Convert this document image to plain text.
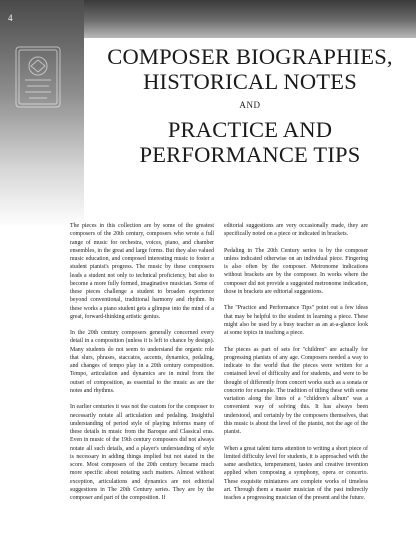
4
COMPOSER BIOGRAPHIES,
HISTORICAL NOTES
AND
PRACTICE AND
PERFORMANCE TIPS

The pieces in this collection are by some of the greatest composers of the 20th century, composers who wrote a full range of music for orchestra, voices, piano, and chamber ensembles, in the great and large forms. But they also valued music education, and composed interesting music to foster a student pianist's progress. The music by these composers leads a student not only to technical proficiency, but also to become a more fully formed, imaginative musician. Some of these pieces challenge a student to broaden experience beyond conventional, traditional harmony and rhythm. In these works a piano student gets a glimpse into the mind of a great, forward-thinking artistic genius.

In the 20th century composers generally concerned every detail in a composition (unless it is left to chance by design). Many students do not seem to understand the organic role that slurs, phrases, staccatos, accents, dynamics, pedaling, and changes of tempo play in a 20th century composition. Tempo, articulation and dynamics are in mind from the outset of composition, as essential to the music as are the notes and rhythms.

In earlier centuries it was not the custom for the composer to necessarily notate all articulation and pedaling. Insightful understanding of period style of playing informs many of these details in music from the Baroque and Classical eras. Even in music of the 19th century composers did not always notate all such details, and a player's understanding of style is necessary in adding things implied but not stated in the score. Most composers of the 20th century became much more specific about notating such matters. Almost without exception, articulations and dynamics are not editorial suggestions in The 20th Century series. They are by the composer and part of the composition. If

editorial suggestions are very occasionally made, they are specifically noted on a piece or indicated in brackets.

Pedaling in The 20th Century series is by the composer unless indicated otherwise on an individual piece. Fingering is also often by the composer. Metronome indications without brackets are by the composer. In works where the composer did not provide a suggested metronome indication, those in brackets are editorial suggestions.

The "Practice and Performance Tips" point out a few ideas that may be helpful to the student in learning a piece. These might also be used by a busy teacher as an at-a-glance look at some topics in teaching a piece.

The pieces as part of sets for "children" are actually for progressing pianists of any age. Composers needed a way to indicate to the world that the pieces were written for a contained level of difficulty and for students, and were to be thought of differently from concert works such as a sonata or concerto for example. The tradition of titling these with some variation along the lines of a "children's album" was a convenient way of solving this. It has always been understood, and certainly by the composers themselves, that this music is about the level of the pianist, not the age of the pianist.

When a great talent turns attention to writing a short piece of limited difficulty level for students, it is approached with the same aesthetics, temperament, tastes and creative invention applied when composing a symphony, opera or concerto. These exquisite miniatures are complete works of timeless art. Through them a master musician of the past indirectly teaches a progressing musician of the present and the future.
